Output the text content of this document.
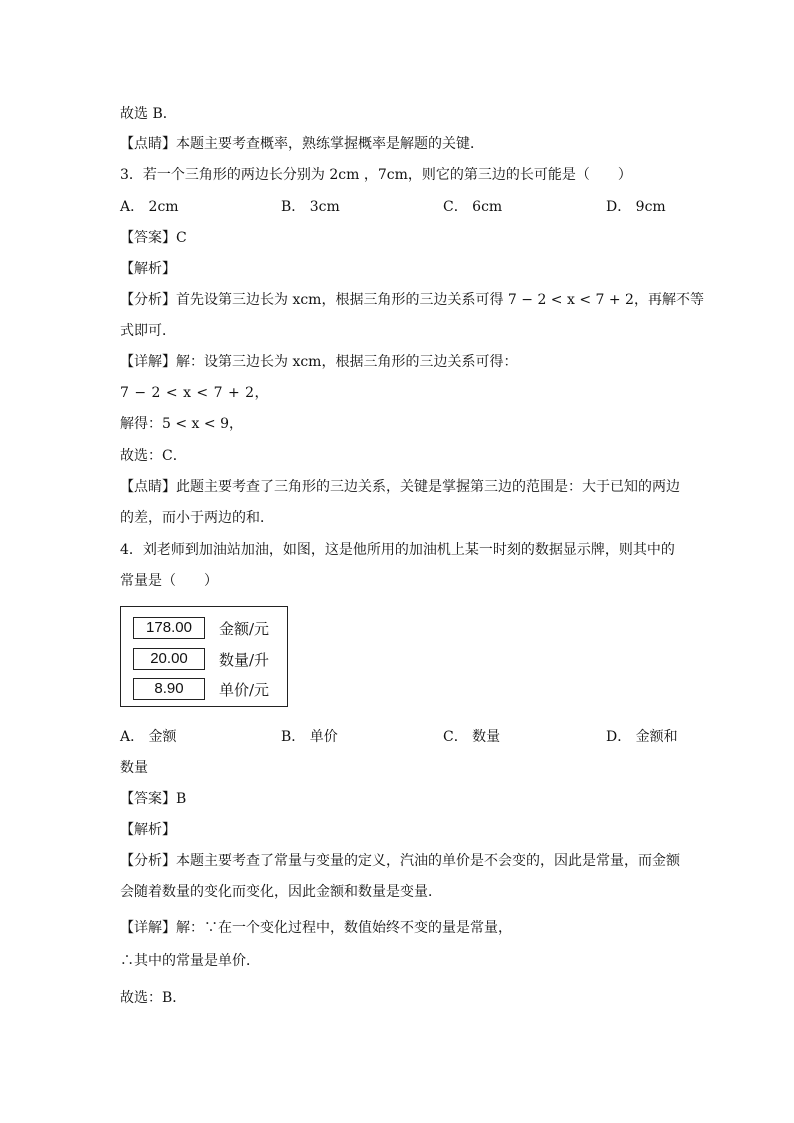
故选 B．
【点睛】本题主要考查概率，熟练掌握概率是解题的关键．
3．若一个三角形的两边长分别为 2cm ，7cm，则它的第三边的长可能是（　　）
A． 2cm	B． 3cm	C． 6cm	D． 9cm
【答案】C
【解析】
【分析】首先设第三边长为 xcm，根据三角形的三边关系可得 7 − 2 < x < 7 + 2，再解不等
式即可．
【详解】解：设第三边长为 xcm，根据三角形的三边关系可得：
7 − 2 < x < 7 + 2，
解得：5 < x < 9，
故选：C．
【点睛】此题主要考查了三角形的三边关系，关键是掌握第三边的范围是：大于已知的两边
的差，而小于两边的和．
4．刘老师到加油站加油，如图，这是他所用的加油机上某一时刻的数据显示牌，则其中的
常量是（　　）
178.00	金额/元
20.00	数量/升
8.90	单价/元
A． 金额	B． 单价	C． 数量	D． 金额和
数量
【答案】B
【解析】
【分析】本题主要考查了常量与变量的定义，汽油的单价是不会变的，因此是常量，而金额
会随着数量的变化而变化，因此金额和数量是变量．
【详解】解：∵在一个变化过程中，数值始终不变的量是常量，
∴其中的常量是单价．
故选：B．
